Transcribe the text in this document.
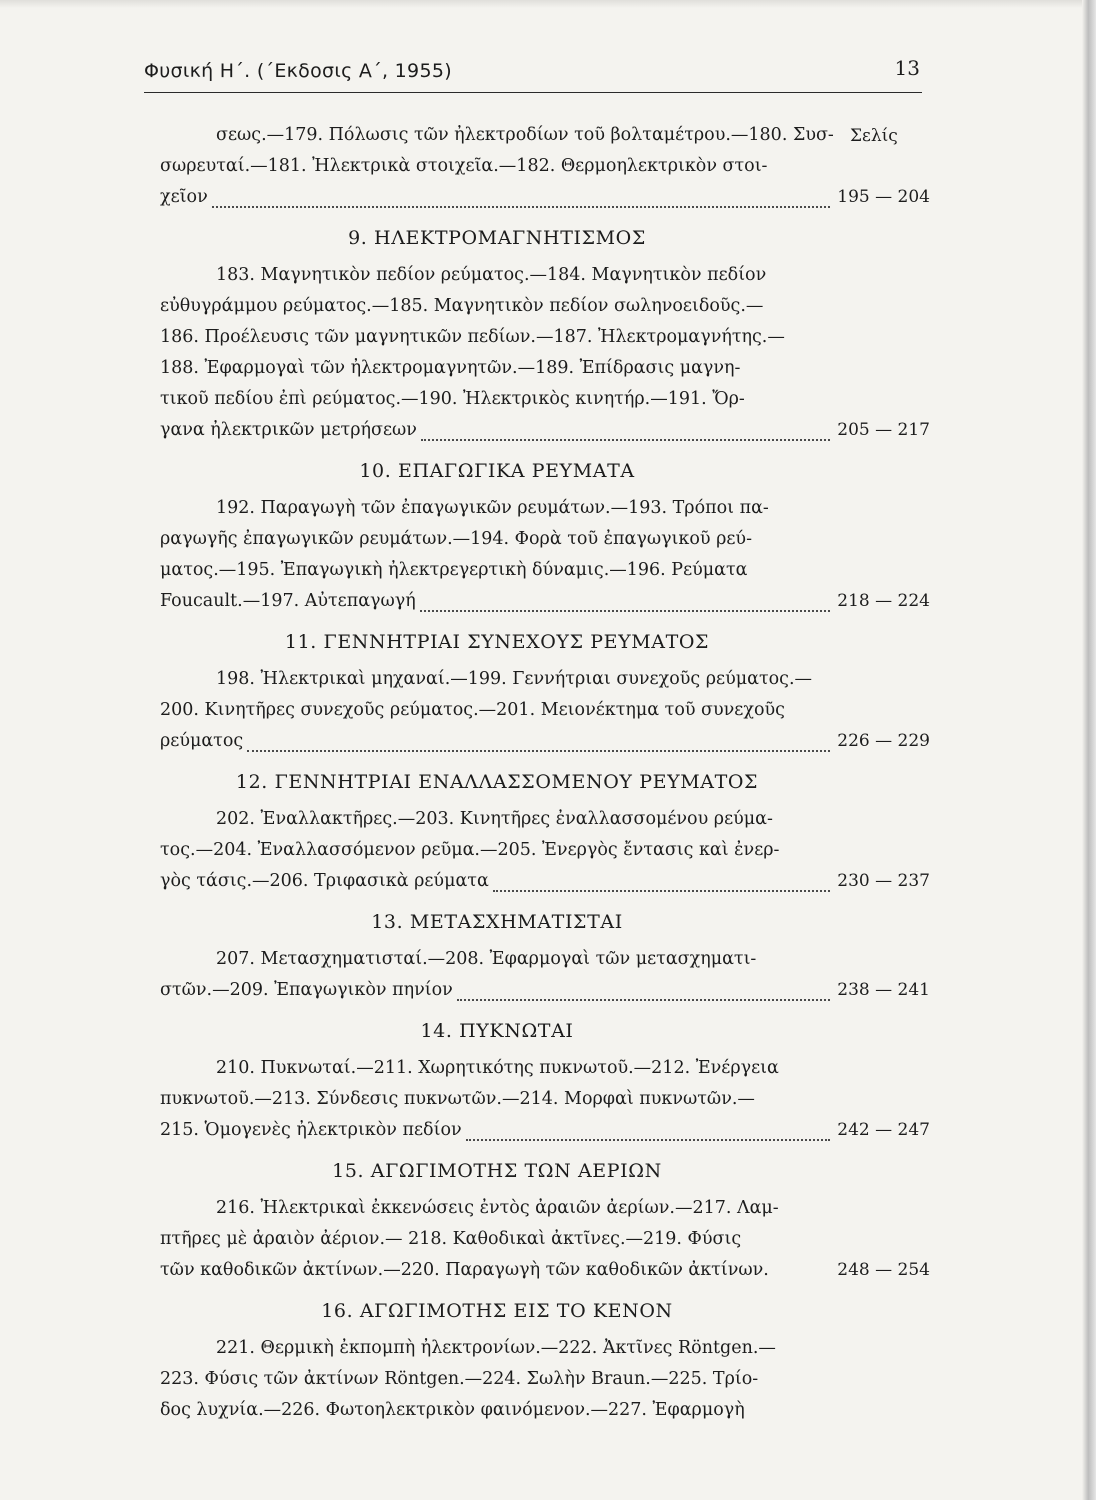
Φυσική Η΄. (΄Εκδοσις Α΄, 1955)	13
Σελίς
σεως.—179. Πόλωσις τῶν ἠλεκτροδίων τοῦ βολταμέτρου.—180. Συσ-
σωρευταί.—181. Ἠλεκτρικὰ στοιχεῖα.—182. Θερμοηλεκτρικὸν στοι-
χεῖον	195 — 204
9. ΗΛΕΚΤΡΟΜΑΓΝΗΤΙΣΜΟΣ
183. Μαγνητικὸν πεδίον ρεύματος.—184. Μαγνητικὸν πεδίον
εὐθυγράμμου ρεύματος.—185. Μαγνητικὸν πεδίον σωληνοειδοῦς.—
186. Προέλευσις τῶν μαγνητικῶν πεδίων.—187. Ἠλεκτρομαγνήτης.—
188. Ἐφαρμογαὶ τῶν ἠλεκτρομαγνητῶν.—189. Ἐπίδρασις μαγνη-
τικοῦ πεδίου ἐπὶ ρεύματος.—190. Ἠλεκτρικὸς κινητήρ.—191. Ὄρ-
γανα ἠλεκτρικῶν μετρήσεων	205 — 217
10. ΕΠΑΓΩΓΙΚΑ ΡΕΥΜΑΤΑ
192. Παραγωγὴ τῶν ἐπαγωγικῶν ρευμάτων.—193. Τρόποι πα-
ραγωγῆς ἐπαγωγικῶν ρευμάτων.—194. Φορὰ τοῦ ἐπαγωγικοῦ ρεύ-
ματος.—195. Ἐπαγωγικὴ ἠλεκτρεγερτικὴ δύναμις.—196. Ρεύματα
Foucault.—197. Αὐτεπαγωγή	218 — 224
11. ΓΕΝΝΗΤΡΙΑΙ ΣΥΝΕΧΟΥΣ ΡΕΥΜΑΤΟΣ
198. Ἠλεκτρικαὶ μηχαναί.—199. Γεννήτριαι συνεχοῦς ρεύματος.—
200. Κινητῆρες συνεχοῦς ρεύματος.—201. Μειονέκτημα τοῦ συνεχοῦς
ρεύματος	226 — 229
12. ΓΕΝΝΗΤΡΙΑΙ ΕΝΑΛΛΑΣΣΟΜΕΝΟΥ ΡΕΥΜΑΤΟΣ
202. Ἐναλλακτῆρες.—203. Κινητῆρες ἐναλλασσομένου ρεύμα-
τος.—204. Ἐναλλασσόμενον ρεῦμα.—205. Ἐνεργὸς ἔντασις καὶ ἐνερ-
γὸς τάσις.—206. Τριφασικὰ ρεύματα	230 — 237
13. ΜΕΤΑΣΧΗΜΑΤΙΣΤΑΙ
207. Μετασχηματισταί.—208. Ἐφαρμογαὶ τῶν μετασχηματι-
στῶν.—209. Ἐπαγωγικὸν πηνίον	238 — 241
14. ΠΥΚΝΩΤΑΙ
210. Πυκνωταί.—211. Χωρητικότης πυκνωτοῦ.—212. Ἐνέργεια
πυκνωτοῦ.—213. Σύνδεσις πυκνωτῶν.—214. Μορφαὶ πυκνωτῶν.—
215. Ὁμογενὲς ἠλεκτρικὸν πεδίον	242 — 247
15. ΑΓΩΓΙΜΟΤΗΣ ΤΩΝ ΑΕΡΙΩΝ
216. Ἠλεκτρικαὶ ἐκκενώσεις ἐντὸς ἀραιῶν ἀερίων.—217. Λαμ-
πτῆρες μὲ ἀραιὸν ἀέριον.— 218. Καθοδικαὶ ἀκτῖνες.—219. Φύσις
τῶν καθοδικῶν ἀκτίνων.—220. Παραγωγὴ τῶν καθοδικῶν ἀκτίνων.	248 — 254
16. ΑΓΩΓΙΜΟΤΗΣ ΕΙΣ ΤΟ ΚΕΝΟΝ
221. Θερμικὴ ἐκπομπὴ ἠλεκτρονίων.—222. Ἀκτῖνες Röntgen.—
223. Φύσις τῶν ἀκτίνων Röntgen.—224. Σωλὴν Braun.—225. Τρίο-
δος λυχνία.—226. Φωτοηλεκτρικὸν φαινόμενον.—227. Ἐφαρμογὴ
